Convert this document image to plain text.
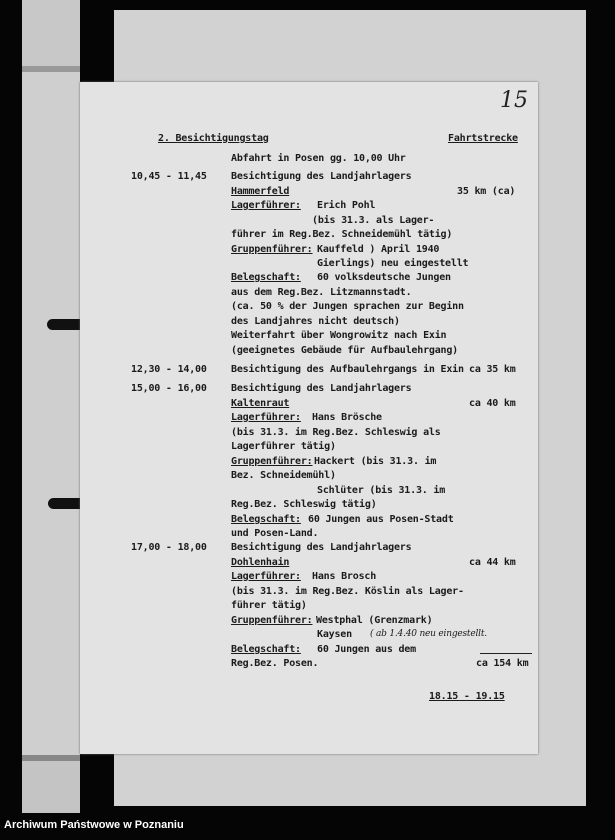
15
2. Besichtigungstag	Fahrtstrecke
Abfahrt in Posen gg. 10,00 Uhr
10,45 - 11,45 Besichtigung des Landjahrlagers
Hammerfeld	35 km (ca)
Lagerführer: Erich Pohl
(bis 31.3. als Lager-
führer im Reg.Bez. Schneidemühl tätig)
Gruppenführer: Kauffeld ) April 1940
Gierlings) neu eingestellt
Belegschaft: 60 volksdeutsche Jungen
aus dem Reg.Bez. Litzmannstadt.
(ca. 50 % der Jungen sprachen zur Beginn
des Landjahres nicht deutsch)
Weiterfahrt über Wongrowitz nach Exin
(geeignetes Gebäude für Aufbaulehrgang)
12,30 - 14,00 Besichtigung des Aufbaulehrgangs in Exin ca 35 km
15,00 - 16,00 Besichtigung des Landjahrlagers
Kaltenraut	ca 40 km
Lagerführer: Hans Brösche
(bis 31.3. im Reg.Bez. Schleswig als
Lagerführer tätig)
Gruppenführer: Hackert (bis 31.3. im
Bez. Schneidemühl)
Schlüter (bis 31.3. im
Reg.Bez. Schleswig tätig)
Belegschaft: 60 Jungen aus Posen-Stadt
und Posen-Land.
17,00 - 18,00 Besichtigung des Landjahrlagers
Dohlenhain	ca 44 km
Lagerführer: Hans Brosch
(bis 31.3. im Reg.Bez. Köslin als Lager-
führer tätig)
Gruppenführer: Westphal (Grenzmark)
Kaysen ( ab 1.4.40 neu eingestellt.
Belegschaft: 60 Jungen aus dem
Reg.Bez. Posen.	ca 154 km
18.15 - 19.15
Archiwum Państwowe w Poznaniu
